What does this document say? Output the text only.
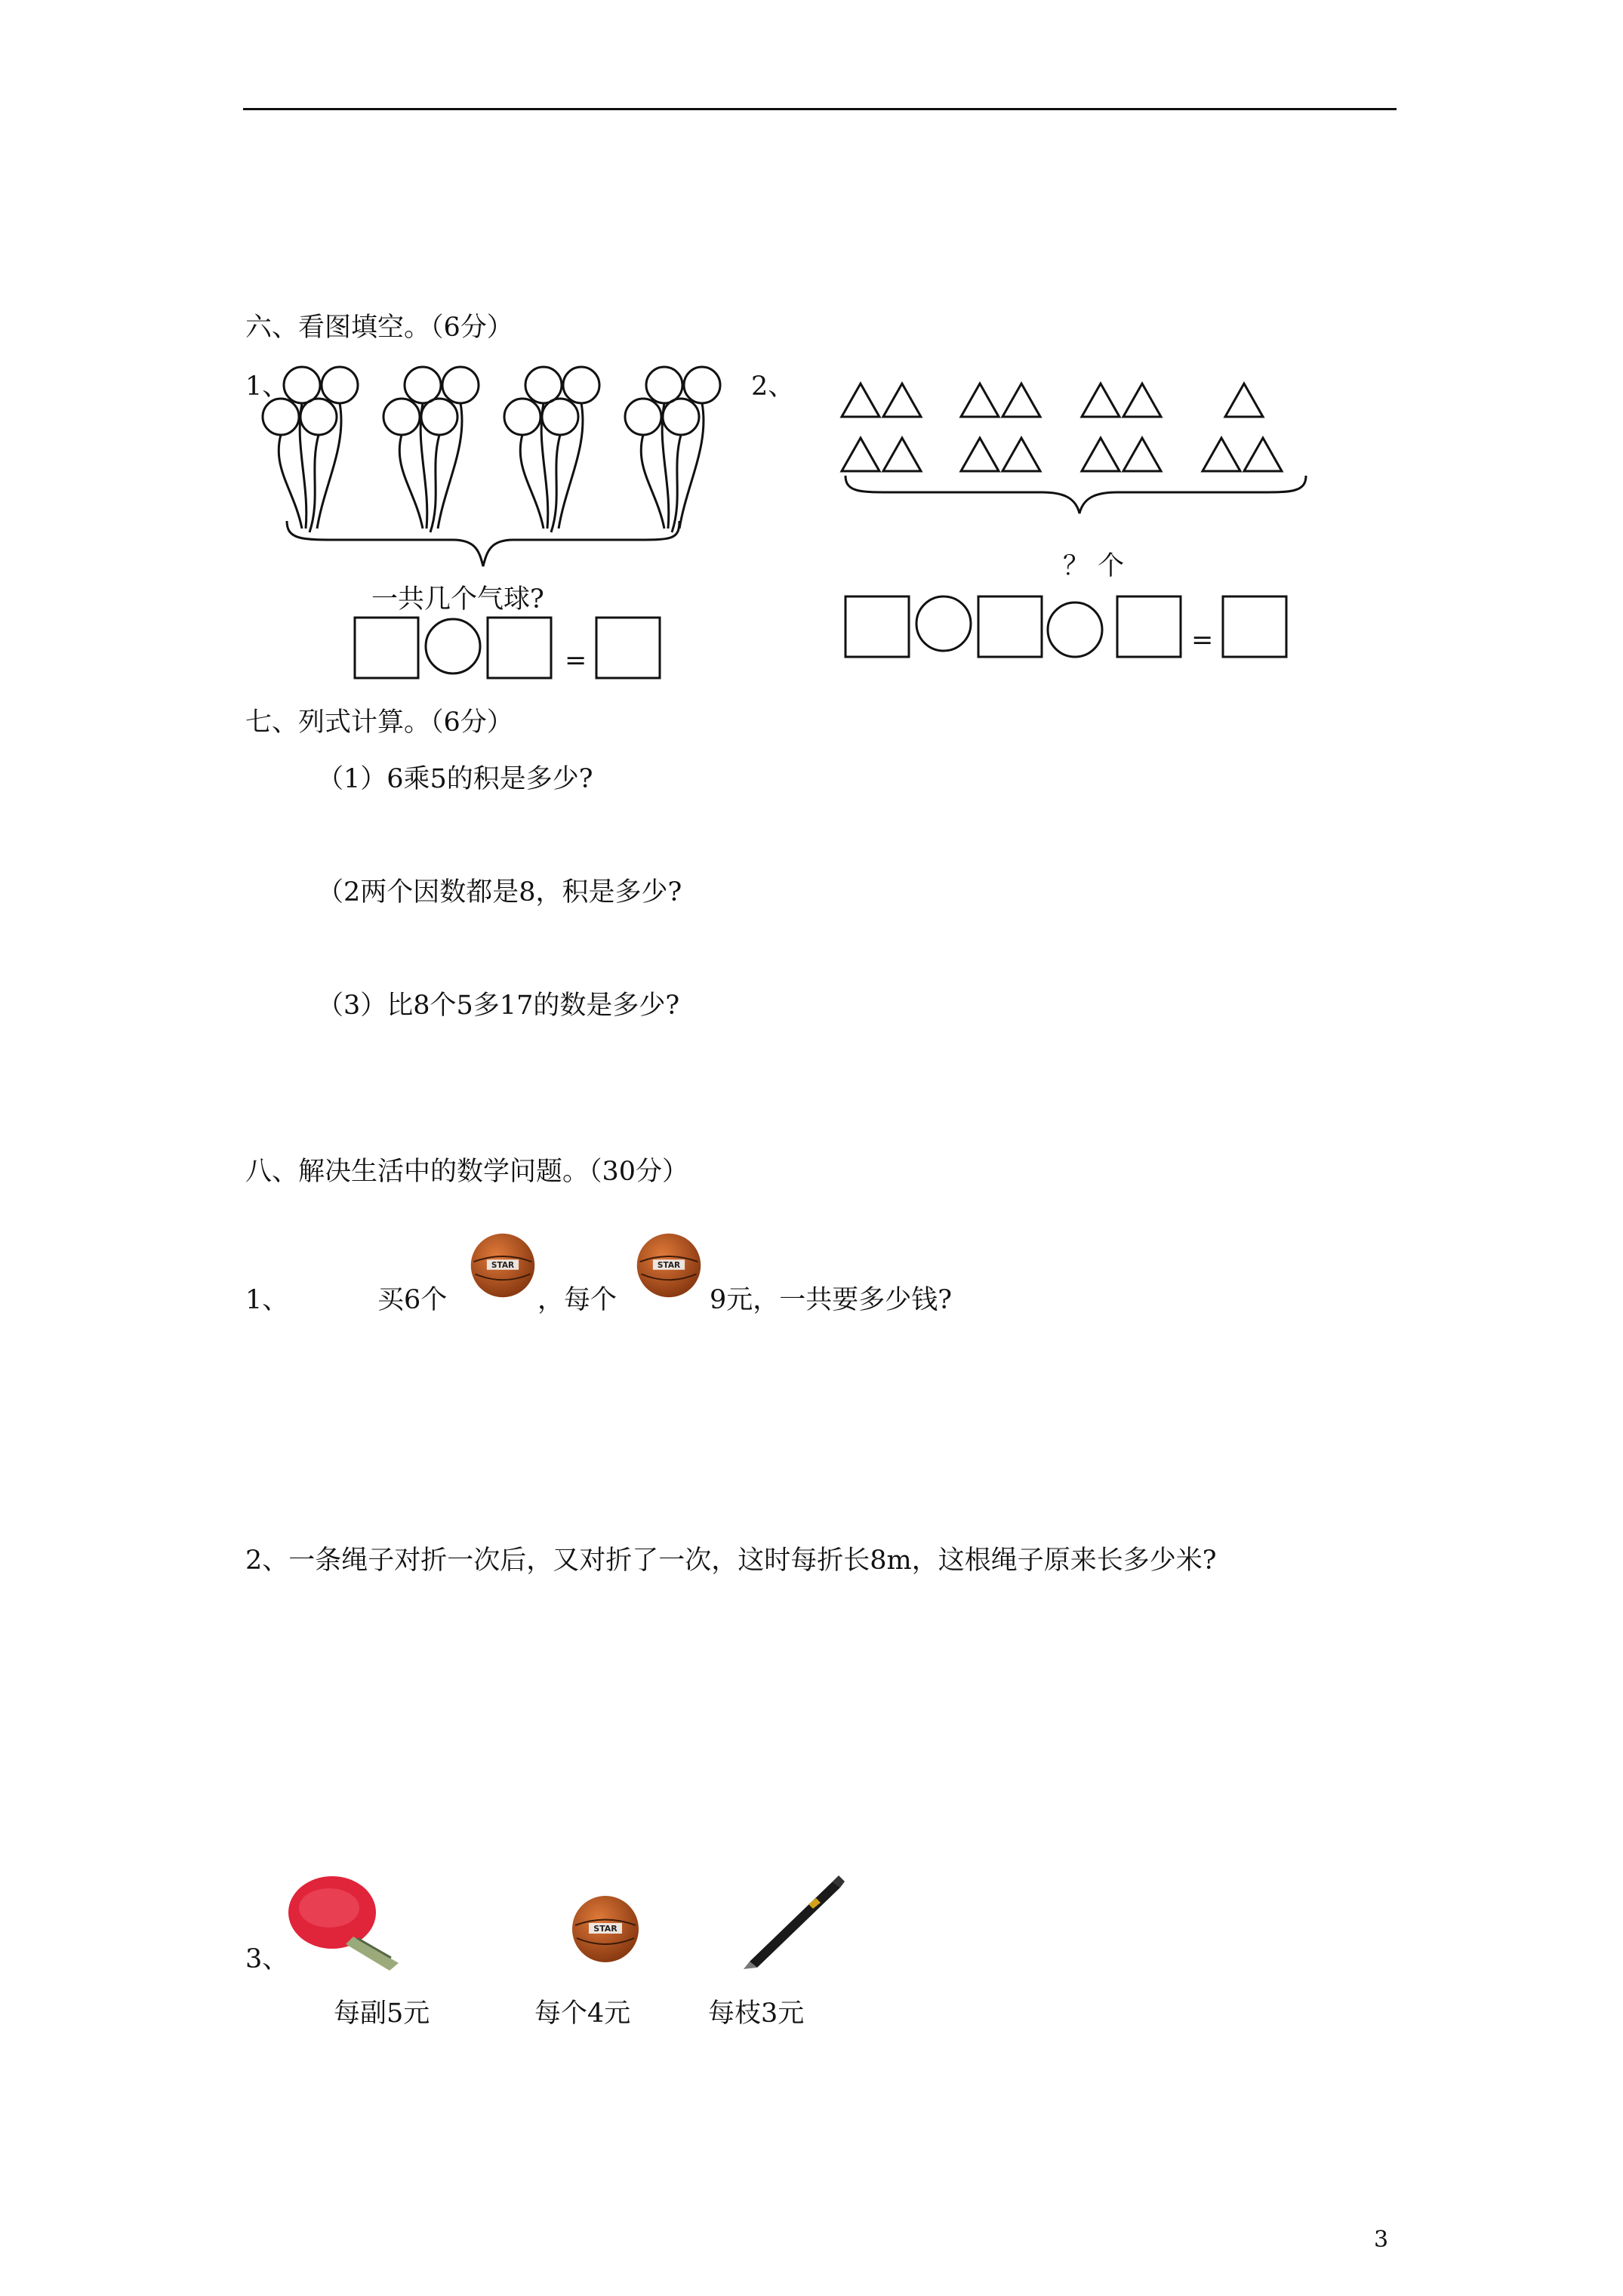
六、看图填空。（6分）
1、
一共几个气球?
=
2、
？ 个
=
七、列式计算。（6分）
（1）6乘5的积是多少?
（2两个因数都是8，积是多少?
（3）比8个5多17的数是多少?
八、解决生活中的数学问题。（30分）
1、	买6个
STAR
，每个
STAR
9元，一共要多少钱?
2、一条绳子对折一次后，又对折了一次，这时每折长8m，这根绳子原来长多少米?
3、
STAR
每副5元	每个4元	每枝3元
3
